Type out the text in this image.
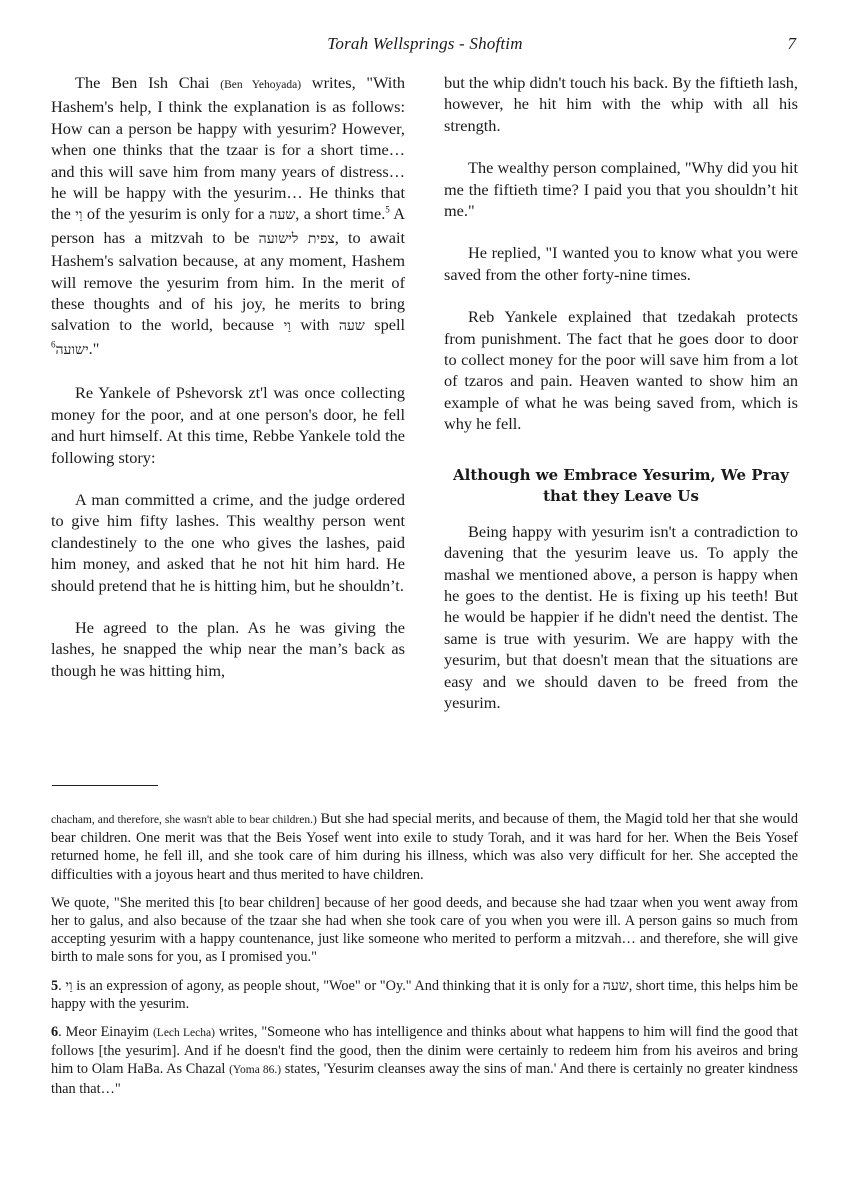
Torah Wellsprings - Shoftim	7

The Ben Ish Chai (Ben Yehoyada) writes, "With Hashem's help, I think the explanation is as follows: How can a person be happy with yesurim? However, when one thinks that the tzaar is for a short time… and this will save him from many years of distress… he will be happy with the yesurim… He thinks that the וַי of the yesurim is only for a שעה, a short time.$^5$ A person has a mitzvah to be צפית לישועה, to await Hashem's salvation because, at any moment, Hashem will remove the yesurim from him. In the merit of these thoughts and of his joy, he merits to bring salvation to the world, because וַי with שעה spell $^6$ישועה."

Re Yankele of Pshevorsk zt'l was once collecting money for the poor, and at one person's door, he fell and hurt himself. At this time, Rebbe Yankele told the following story:

A man committed a crime, and the judge ordered to give him fifty lashes. This wealthy person went clandestinely to the one who gives the lashes, paid him money, and asked that he not hit him hard. He should pretend that he is hitting him, but he shouldn’t.

He agreed to the plan. As he was giving the lashes, he snapped the whip near the man’s back as though he was hitting him,

but the whip didn't touch his back. By the fiftieth lash, however, he hit him with the whip with all his strength.

The wealthy person complained, "Why did you hit me the fiftieth time? I paid you that you shouldn’t hit me."

He replied, "I wanted you to know what you were saved from the other forty-nine times.

Reb Yankele explained that tzedakah protects from punishment. The fact that he goes door to door to collect money for the poor will save him from a lot of tzaros and pain. Heaven wanted to show him an example of what he was being saved from, which is why he fell.

Although we Embrace Yesurim, We Pray that they Leave Us

Being happy with yesurim isn't a contradiction to davening that the yesurim leave us. To apply the mashal we mentioned above, a person is happy when he goes to the dentist. He is fixing up his teeth! But he would be happier if he didn't need the dentist. The same is true with yesurim. We are happy with the yesurim, but that doesn't mean that the situations are easy and we should daven to be freed from the yesurim.

chacham, and therefore, she wasn't able to bear children.) But she had special merits, and because of them, the Magid told her that she would bear children. One merit was that the Beis Yosef went into exile to study Torah, and it was hard for her. When the Beis Yosef returned home, he fell ill, and she took care of him during his illness, which was also very difficult for her. She accepted the difficulties with a joyous heart and thus merited to have children.

We quote, "She merited this [to bear children] because of her good deeds, and because she had tzaar when you went away from her to galus, and also because of the tzaar she had when she took care of you when you were ill. A person gains so much from accepting yesurim with a happy countenance, just like someone who merited to perform a mitzvah… and therefore, she will give birth to male sons for you, as I promised you."

5. וַי is an expression of agony, as people shout, "Woe" or "Oy." And thinking that it is only for a שעה, short time, this helps him be happy with the yesurim.

6. Meor Einayim (Lech Lecha) writes, "Someone who has intelligence and thinks about what happens to him will find the good that follows [the yesurim]. And if he doesn't find the good, then the dinim were certainly to redeem him from his aveiros and bring him to Olam HaBa. As Chazal (Yoma 86.) states, 'Yesurim cleanses away the sins of man.' And there is certainly no greater kindness than that…"
